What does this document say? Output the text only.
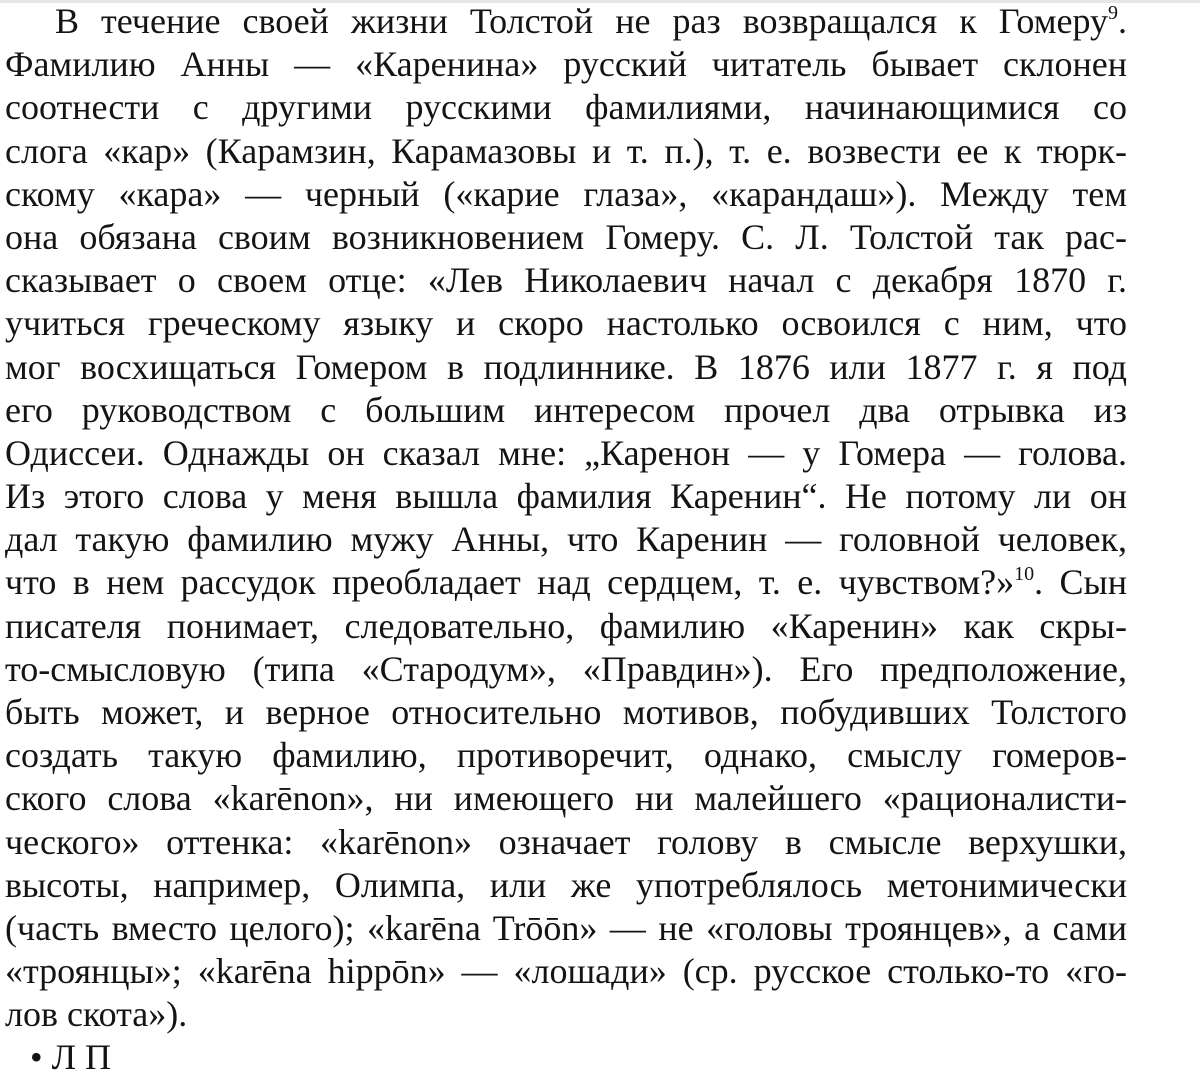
В течение своей жизни Толстой не раз возвращался к Гомеру$^9$.
Фамилию Анны — «Каренина» русский читатель бывает склонен
соотнести с другими русскими фамилиями, начинающимися со
слога «кар» (Карамзин, Карамазовы и т. п.), т. е. возвести ее к тюрк-
скому «кара» — черный («карие глаза», «карандаш»). Между тем
она обязана своим возникновением Гомеру. С. Л. Толстой так рас-
сказывает о своем отце: «Лев Николаевич начал с декабря 1870 г.
учиться греческому языку и скоро настолько освоился с ним, что
мог восхищаться Гомером в подлиннике. В 1876 или 1877 г. я под
его руководством с большим интересом прочел два отрывка из
Одиссеи. Однажды он сказал мне: „Каренон — у Гомера — голова.
Из этого слова у меня вышла фамилия Каренин“. Не потому ли он
дал такую фамилию мужу Анны, что Каренин — головной человек,
что в нем рассудок преобладает над сердцем, т. е. чувством?»$^{10}$. Сын
писателя понимает, следовательно, фамилию «Каренин» как скры-
то-смысловую (типа «Стародум», «Правдин»). Его предположение,
быть может, и верное относительно мотивов, побудивших Толстого
создать такую фамилию, противоречит, однако, смыслу гомеров-
ского слова «karēnon», ни имеющего ни малейшего «рационалисти-
ческого» оттенка: «karēnon» означает голову в смысле верхушки,
высоты, например, Олимпа, или же употреблялось метонимически
(часть вместо целого); «karēna Trōōn» — не «головы троянцев», а сами
«троянцы»; «karēna hippōn» — «лошади» (ср. русское столько-то «го-
лов скота»).
• Л П
